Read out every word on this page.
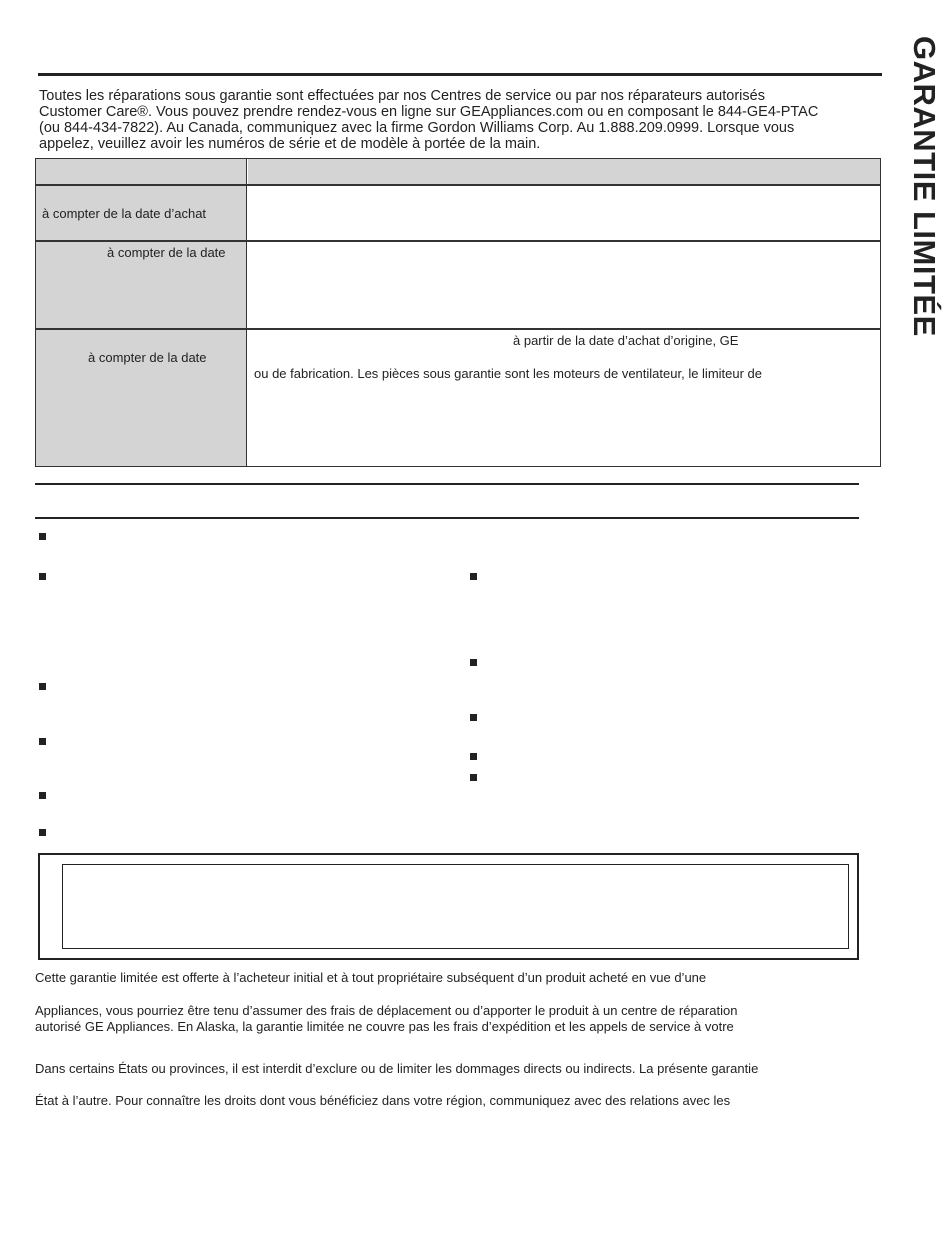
GARANTIE LIMITÉE
Toutes les réparations sous garantie sont effectuées par nos Centres de service ou par nos réparateurs autorisés
Customer Care®. Vous pouvez prendre rendez-vous en ligne sur GEAppliances.com ou en composant le 844-GE4-PTAC
(ou 844-434-7822). Au Canada, communiquez avec la firme Gordon Williams Corp. Au 1.888.209.0999. Lorsque vous
appelez, veuillez avoir les numéros de série et de modèle à portée de la main.
à compter de la date d’achat
à compter de la date
à compter de la date
à partir de la date d’achat d’origine, GE
ou de fabrication. Les pièces sous garantie sont les moteurs de ventilateur, le limiteur de
Cette garantie limitée est offerte à l’acheteur initial et à tout propriétaire subséquent d’un produit acheté en vue d’une
Appliances, vous pourriez être tenu d’assumer des frais de déplacement ou d’apporter le produit à un centre de réparation
autorisé GE Appliances. En Alaska, la garantie limitée ne couvre pas les frais d’expédition et les appels de service à votre
Dans certains États ou provinces, il est interdit d’exclure ou de limiter les dommages directs ou indirects. La présente garantie
État à l’autre. Pour connaître les droits dont vous bénéficiez dans votre région, communiquez avec des relations avec les
